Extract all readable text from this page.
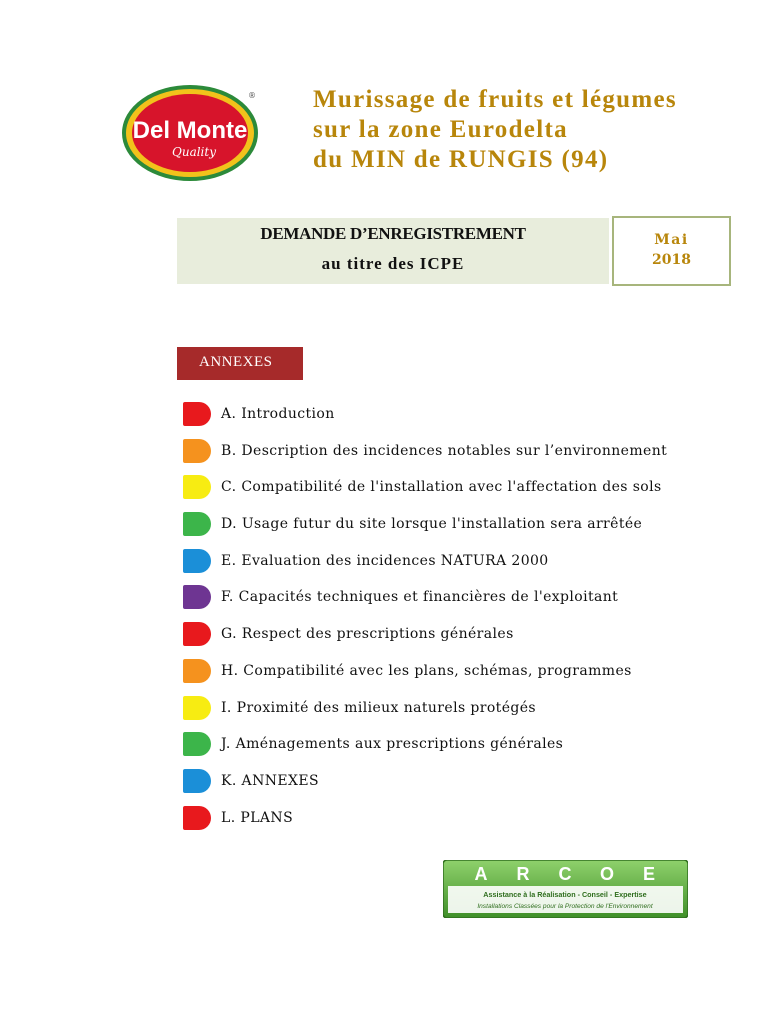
Del Monte
Quality
® Murissage de fruits et légumes
sur la zone Eurodelta
du MIN de RUNGIS (94)
DEMANDE D’ENREGISTREMENT
au titre des ICPE
Mai
2018
ANNEXES
A. Introduction
B. Description des incidences notables sur l’environnement
C. Compatibilité de l'installation avec l'affectation des sols
D. Usage futur du site lorsque l'installation sera arrêtée
E. Evaluation des incidences NATURA 2000
F. Capacités techniques et financières de l'exploitant
G. Respect des prescriptions générales
H. Compatibilité avec les plans, schémas, programmes
I. Proximité des milieux naturels protégés
J. Aménagements aux prescriptions générales
K. ANNEXES
L. PLANS
A R C O E
Assistance à la Réalisation - Conseil - Expertise
Installations Classées pour la Protection de l'Environnement
